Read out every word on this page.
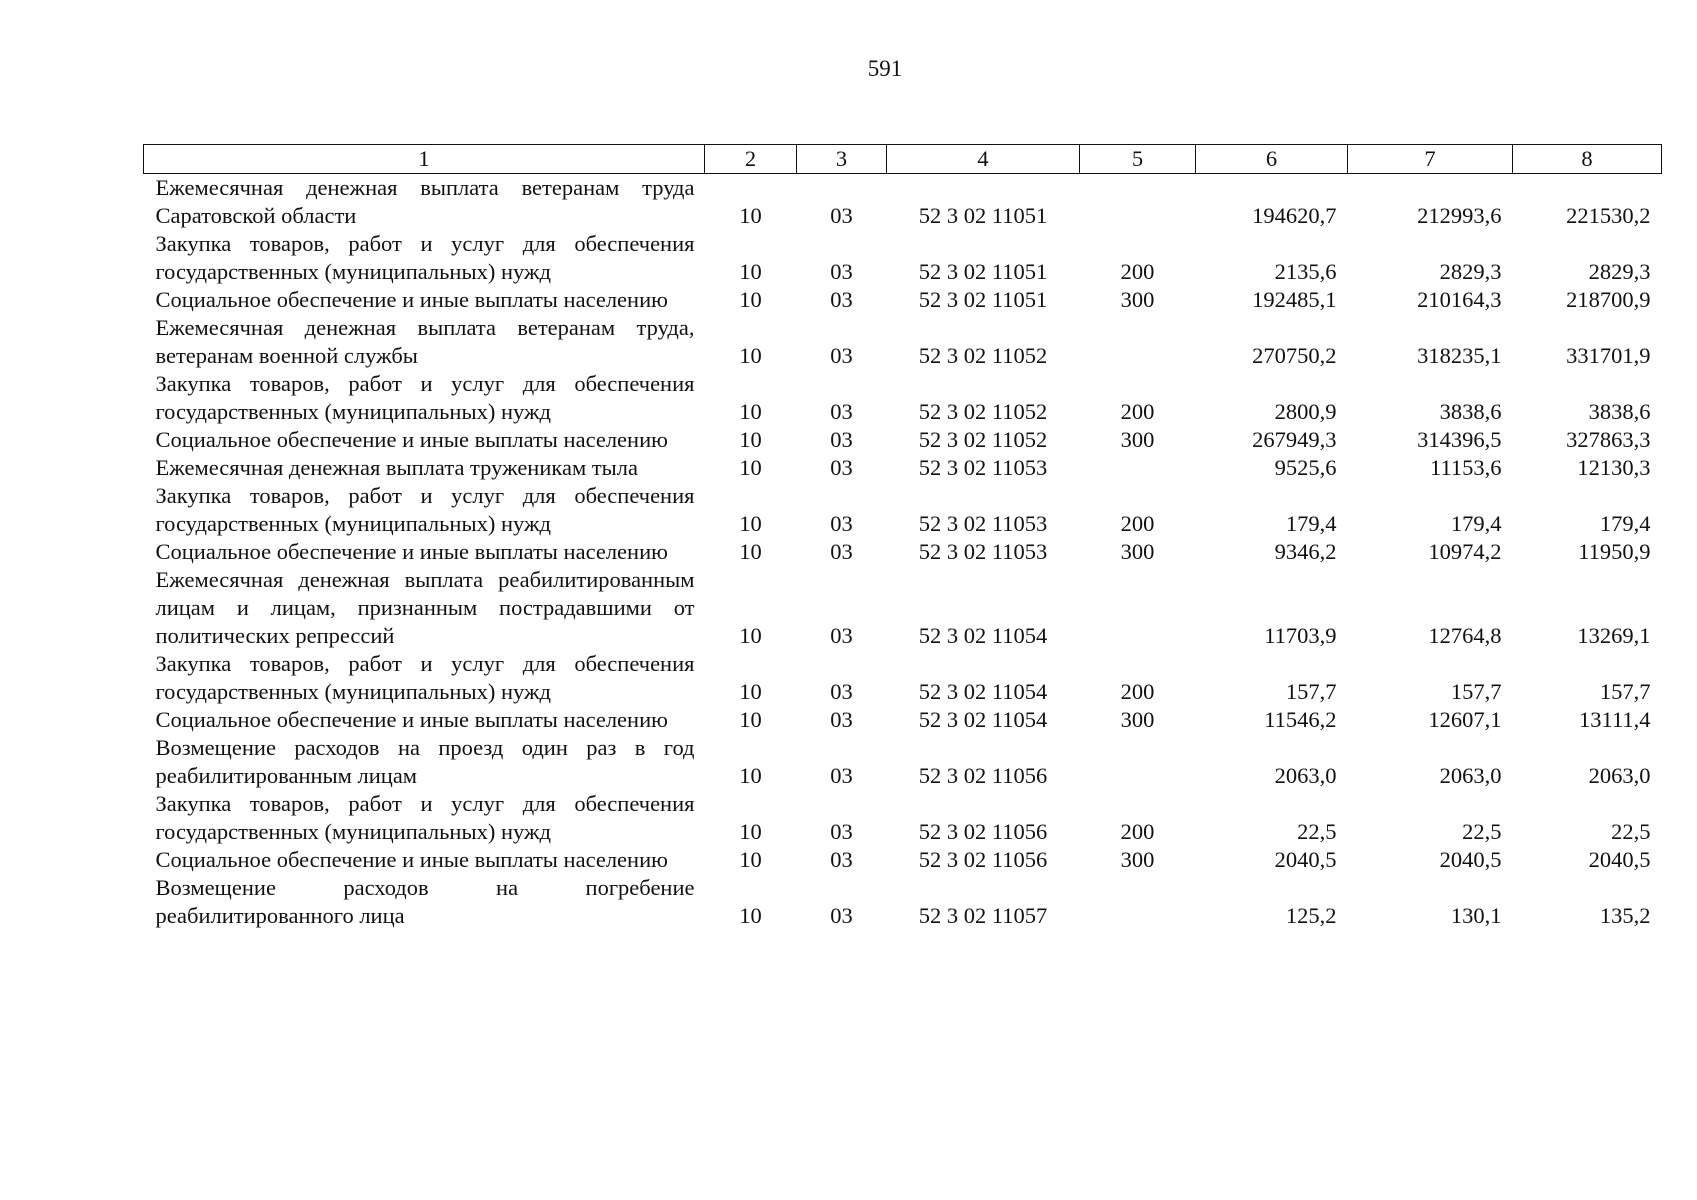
591
1	2	3	4	5	6	7	8
Ежемесячная денежная выплата ветеранам труда Саратовской области	10	03	52 3 02 11051		194620,7	212993,6	221530,2
Закупка товаров, работ и услуг для обеспечения государственных (муниципальных) нужд	10	03	52 3 02 11051	200	2135,6	2829,3	2829,3
Социальное обеспечение и иные выплаты населению	10	03	52 3 02 11051	300	192485,1	210164,3	218700,9
Ежемесячная денежная выплата ветеранам труда, ветеранам военной службы	10	03	52 3 02 11052		270750,2	318235,1	331701,9
Закупка товаров, работ и услуг для обеспечения государственных (муниципальных) нужд	10	03	52 3 02 11052	200	2800,9	3838,6	3838,6
Социальное обеспечение и иные выплаты населению	10	03	52 3 02 11052	300	267949,3	314396,5	327863,3
Ежемесячная денежная выплата труженикам тыла	10	03	52 3 02 11053		9525,6	11153,6	12130,3
Закупка товаров, работ и услуг для обеспечения государственных (муниципальных) нужд	10	03	52 3 02 11053	200	179,4	179,4	179,4
Социальное обеспечение и иные выплаты населению	10	03	52 3 02 11053	300	9346,2	10974,2	11950,9
Ежемесячная денежная выплата реабилитированным лицам и лицам, признанным пострадавшими от политических репрессий	10	03	52 3 02 11054		11703,9	12764,8	13269,1
Закупка товаров, работ и услуг для обеспечения государственных (муниципальных) нужд	10	03	52 3 02 11054	200	157,7	157,7	157,7
Социальное обеспечение и иные выплаты населению	10	03	52 3 02 11054	300	11546,2	12607,1	13111,4
Возмещение расходов на проезд один раз в год реабилитированным лицам	10	03	52 3 02 11056		2063,0	2063,0	2063,0
Закупка товаров, работ и услуг для обеспечения государственных (муниципальных) нужд	10	03	52 3 02 11056	200	22,5	22,5	22,5
Социальное обеспечение и иные выплаты населению	10	03	52 3 02 11056	300	2040,5	2040,5	2040,5
Возмещение расходов на погребение реабилитированного лица	10	03	52 3 02 11057		125,2	130,1	135,2
